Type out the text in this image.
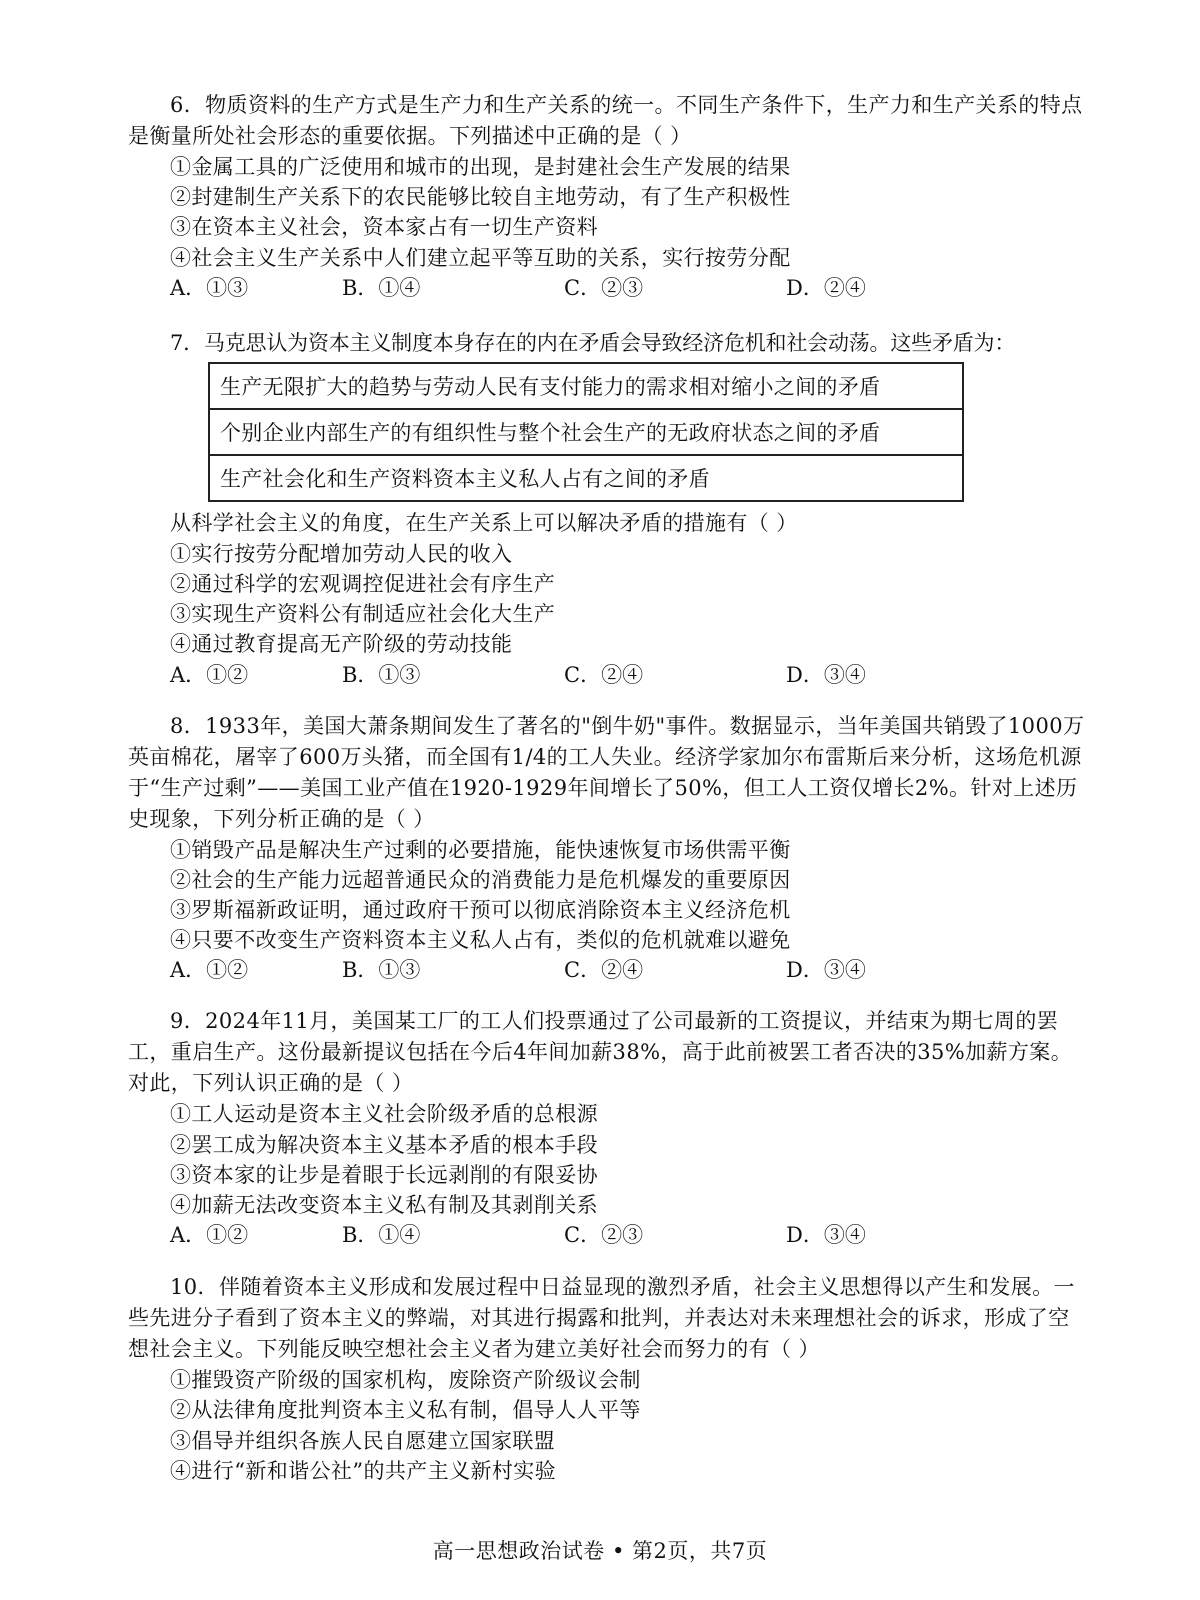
6．物质资料的生产方式是生产力和生产关系的统一。不同生产条件下，生产力和生产关系的特点是衡量所处社会形态的重要依据。下列描述中正确的是（ ）

①金属工具的广泛使用和城市的出现，是封建社会生产发展的结果
②封建制生产关系下的农民能够比较自主地劳动，有了生产积极性
③在资本主义社会，资本家占有一切生产资料
④社会主义生产关系中人们建立起平等互助的关系，实行按劳分配
A．①③	B．①④	C．②③	D．②④

7．马克思认为资本主义制度本身存在的内在矛盾会导致经济危机和社会动荡。这些矛盾为：

生产无限扩大的趋势与劳动人民有支付能力的需求相对缩小之间的矛盾
个别企业内部生产的有组织性与整个社会生产的无政府状态之间的矛盾
生产社会化和生产资料资本主义私人占有之间的矛盾
从科学社会主义的角度，在生产关系上可以解决矛盾的措施有（ ）
①实行按劳分配增加劳动人民的收入
②通过科学的宏观调控促进社会有序生产
③实现生产资料公有制适应社会化大生产
④通过教育提高无产阶级的劳动技能
A．①②	B．①③	C．②④	D．③④

8．1933年，美国大萧条期间发生了著名的"倒牛奶"事件。数据显示，当年美国共销毁了1000万英亩棉花，屠宰了600万头猪，而全国有1/4的工人失业。经济学家加尔布雷斯后来分析，这场危机源于“生产过剩”——美国工业产值在1920-1929年间增长了50%，但工人工资仅增长2%。针对上述历史现象，下列分析正确的是（ ）

①销毁产品是解决生产过剩的必要措施，能快速恢复市场供需平衡
②社会的生产能力远超普通民众的消费能力是危机爆发的重要原因
③罗斯福新政证明，通过政府干预可以彻底消除资本主义经济危机
④只要不改变生产资料资本主义私人占有，类似的危机就难以避免
A．①②	B．①③	C．②④	D．③④

9．2024年11月，美国某工厂的工人们投票通过了公司最新的工资提议，并结束为期七周的罢工，重启生产。这份最新提议包括在今后4年间加薪38%，高于此前被罢工者否决的35%加薪方案。对此，下列认识正确的是（ ）

①工人运动是资本主义社会阶级矛盾的总根源
②罢工成为解决资本主义基本矛盾的根本手段
③资本家的让步是着眼于长远剥削的有限妥协
④加薪无法改变资本主义私有制及其剥削关系
A．①②	B．①④	C．②③	D．③④

10．伴随着资本主义形成和发展过程中日益显现的激烈矛盾，社会主义思想得以产生和发展。一些先进分子看到了资本主义的弊端，对其进行揭露和批判，并表达对未来理想社会的诉求，形成了空想社会主义。下列能反映空想社会主义者为建立美好社会而努力的有（ ）

①摧毁资产阶级的国家机构，废除资产阶级议会制
②从法律角度批判资本主义私有制，倡导人人平等
③倡导并组织各族人民自愿建立国家联盟
④进行“新和谐公社”的共产主义新村实验
高一思想政治试卷 • 第2页，共7页
